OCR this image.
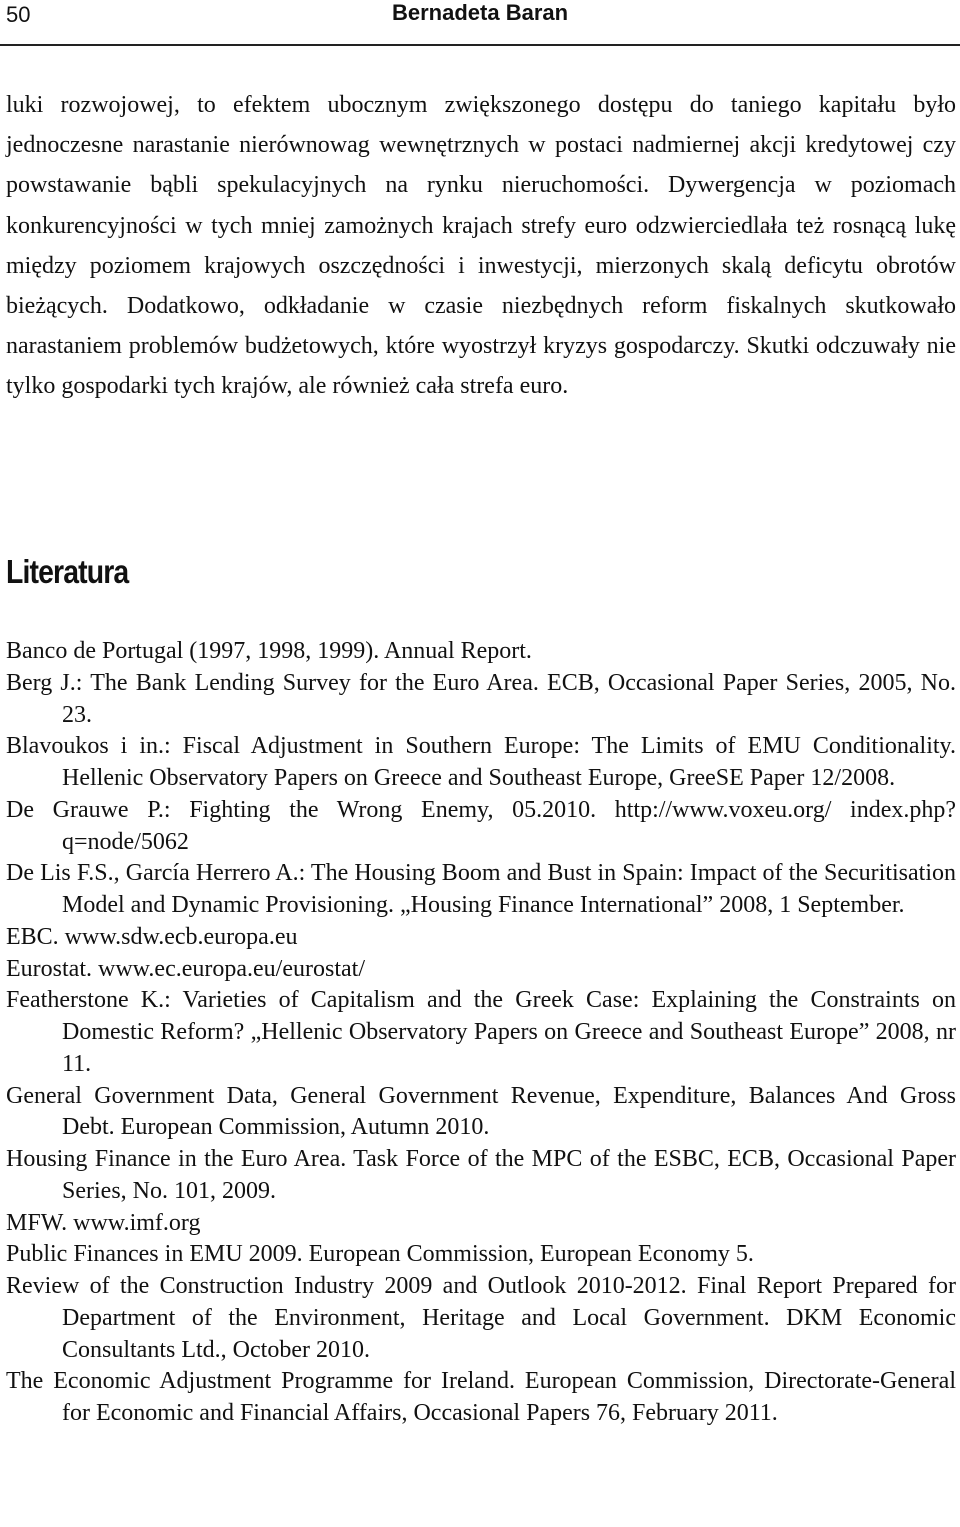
50	Bernadeta Baran

luki rozwojowej, to efektem ubocznym zwiększonego dostępu do taniego kapitału było jednoczesne narastanie nierównowag wewnętrznych w postaci nadmiernej akcji kredytowej czy powstawanie bąbli spekulacyjnych na rynku nieruchomości. Dywergencja w poziomach konkurencyjności w tych mniej zamożnych krajach strefy euro odzwierciedlała też rosnącą lukę między poziomem krajowych oszczędności i inwestycji, mierzonych skalą deficytu obrotów bieżących. Dodatkowo, odkładanie w czasie niezbędnych reform fiskalnych skutkowało narastaniem problemów budżetowych, które wyostrzył kryzys gospodarczy. Skutki odczuwały nie tylko gospodarki tych krajów, ale również cała strefa euro.

Literatura
Banco de Portugal (1997, 1998, 1999). Annual Report.
Berg J.: The Bank Lending Survey for the Euro Area. ECB, Occasional Paper Series, 2005, No. 23.
Blavoukos i in.: Fiscal Adjustment in Southern Europe: The Limits of EMU Conditionality. Hellenic Observatory Papers on Greece and Southeast Europe, GreeSE Paper 12/2008.
De Grauwe P.: Fighting the Wrong Enemy, 05.2010. http://www.voxeu.org/ index.php?q=node/5062
De Lis F.S., García Herrero A.: The Housing Boom and Bust in Spain: Impact of the Securitisation Model and Dynamic Provisioning. „Housing Finance International” 2008, 1 September.
EBC. www.sdw.ecb.europa.eu
Eurostat. www.ec.europa.eu/eurostat/
Featherstone K.: Varieties of Capitalism and the Greek Case: Explaining the Constraints on Domestic Reform? „Hellenic Observatory Papers on Greece and Southeast Europe” 2008, nr 11.
General Government Data, General Government Revenue, Expenditure, Balances And Gross Debt. European Commission, Autumn 2010.
Housing Finance in the Euro Area. Task Force of the MPC of the ESBC, ECB, Occasional Paper Series, No. 101, 2009.
MFW. www.imf.org
Public Finances in EMU 2009. European Commission, European Economy 5.
Review of the Construction Industry 2009 and Outlook 2010-2012. Final Report Prepared for Department of the Environment, Heritage and Local Government. DKM Economic Consultants Ltd., October 2010.
The Economic Adjustment Programme for Ireland. European Commission, Directorate-General for Economic and Financial Affairs, Occasional Papers 76, February 2011.
